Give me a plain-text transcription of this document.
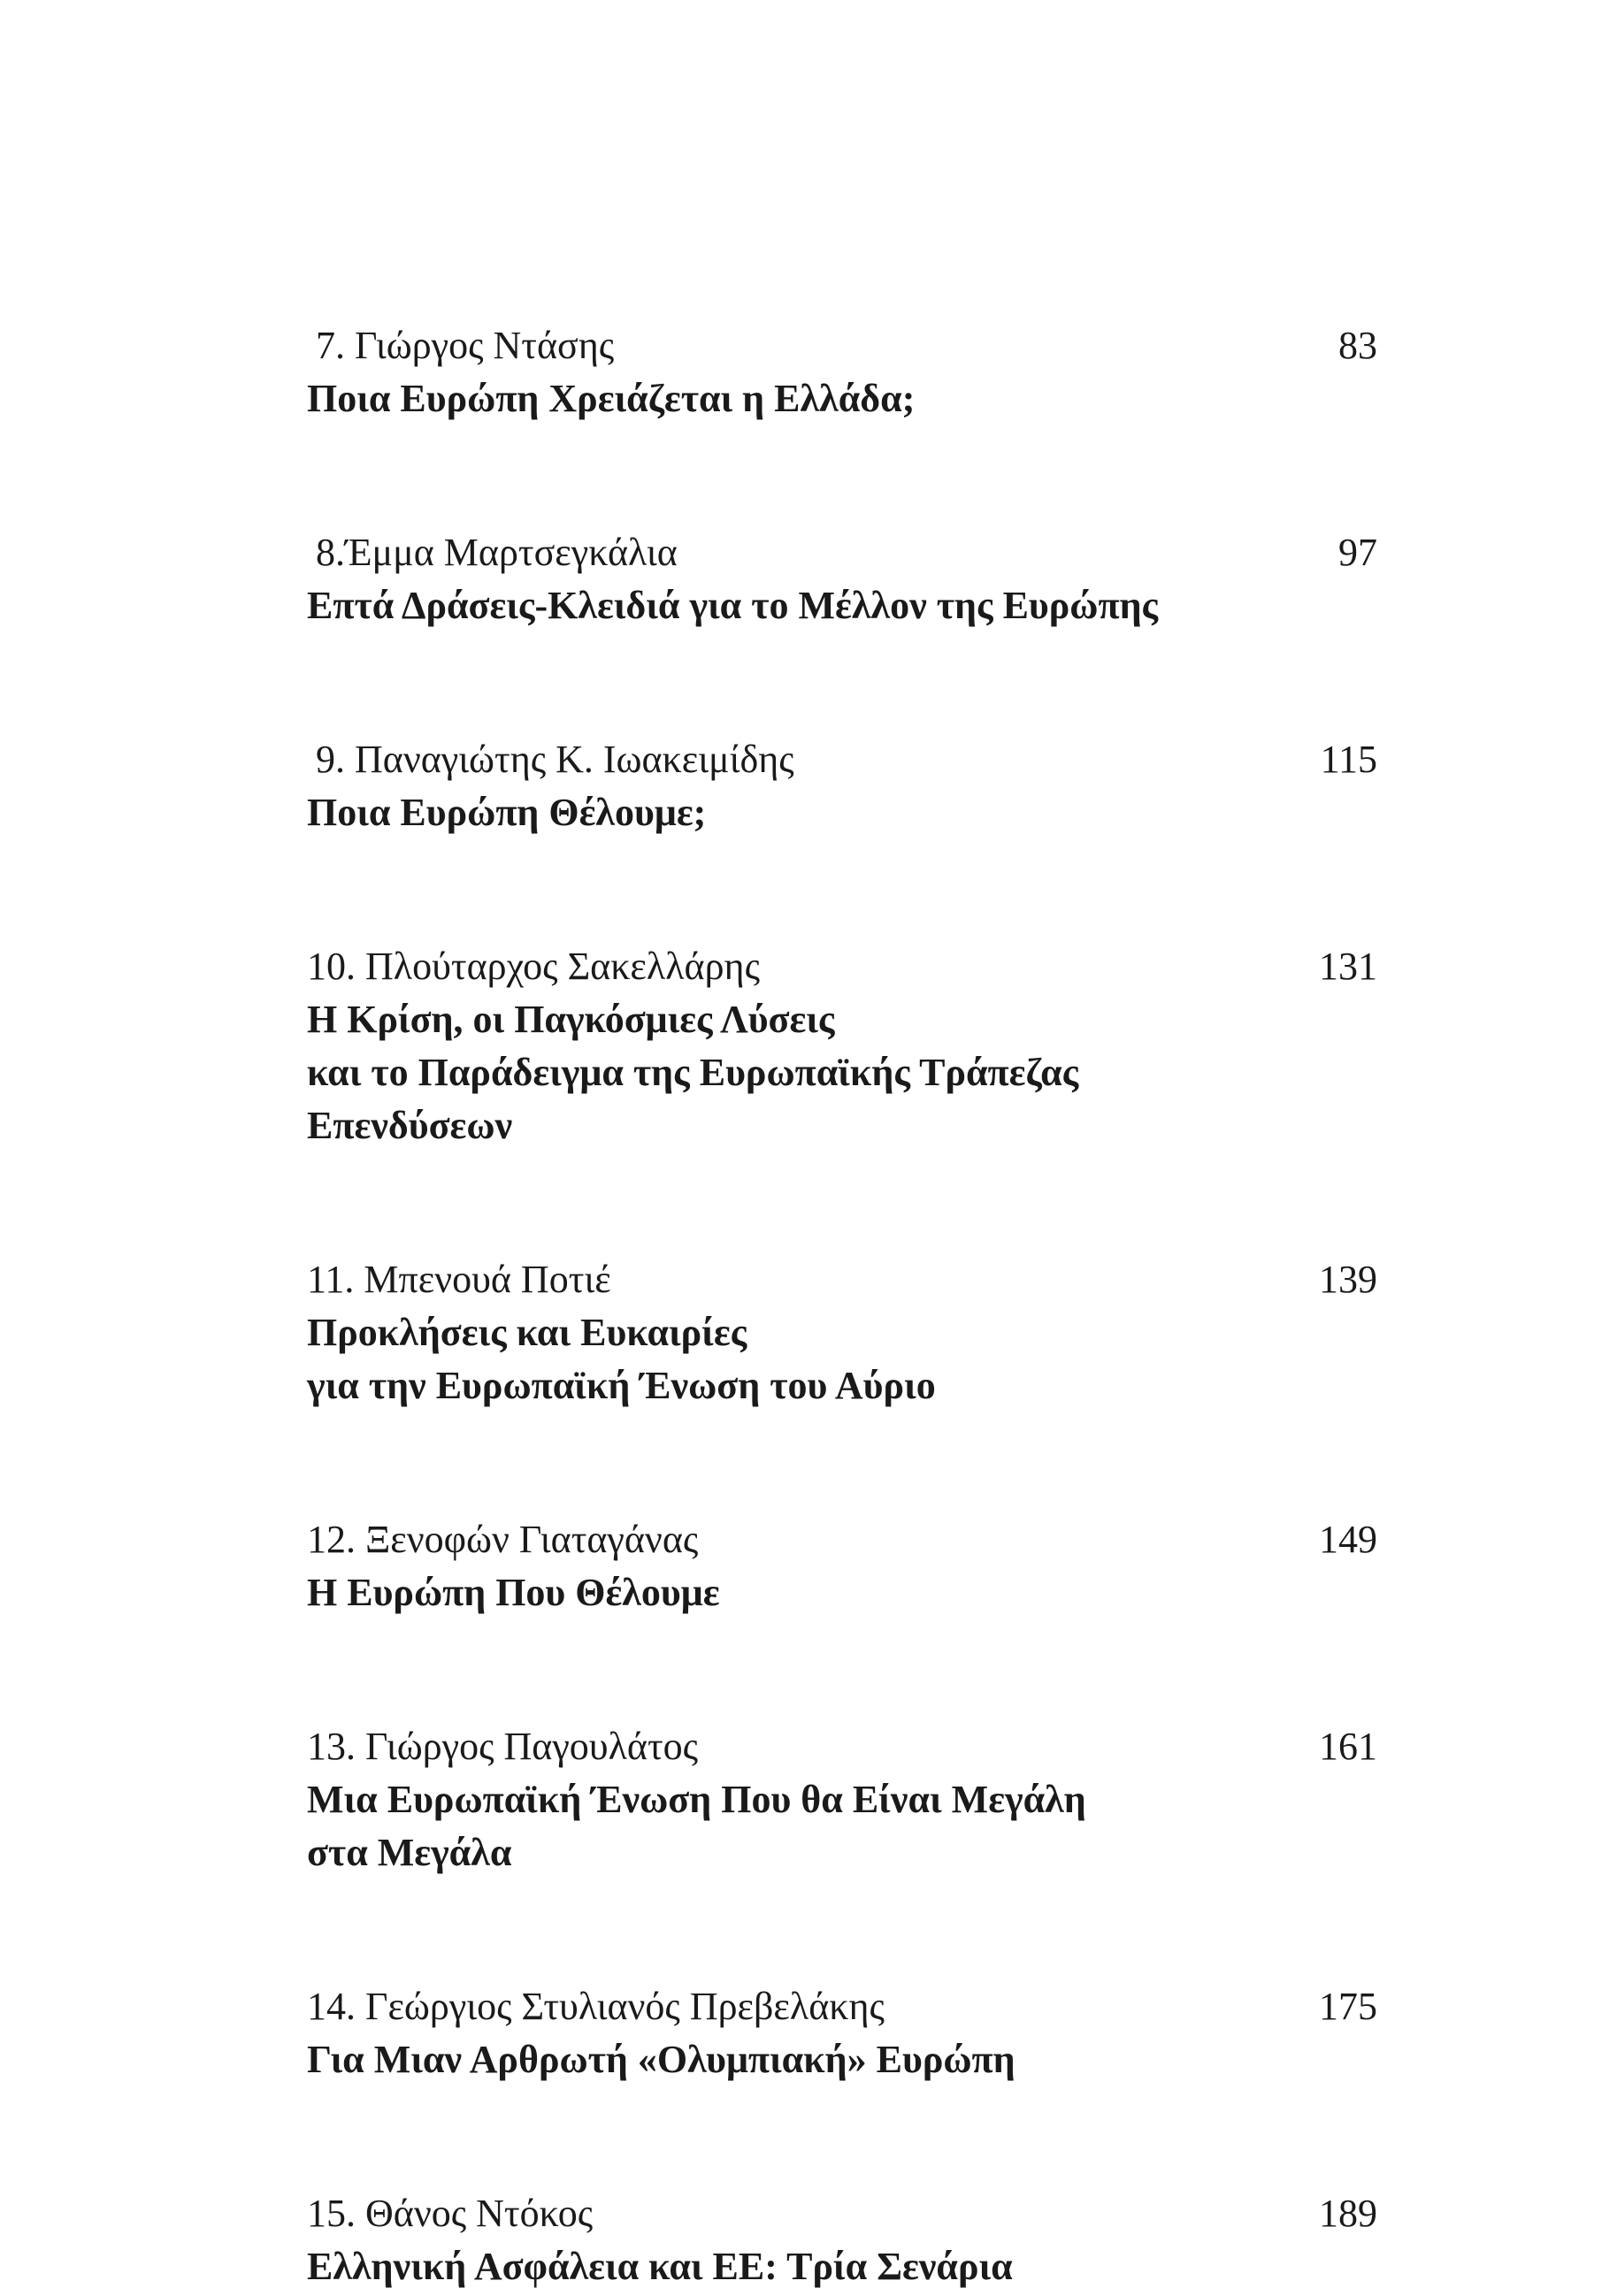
7. Γιώργος Ντάσης	83
Ποια Ευρώπη Χρειάζεται η Ελλάδα;
8.Έμμα Μαρτσεγκάλια	97
Επτά Δράσεις-Κλειδιά για το Μέλλον της Ευρώπης
9. Παναγιώτης Κ. Ιωακειμίδης	115
Ποια Ευρώπη Θέλουμε;
10. Πλούταρχος Σακελλάρης	131
Η Κρίση, οι Παγκόσμιες Λύσεις
και το Παράδειγμα της Ευρωπαϊκής Τράπεζας
Επενδύσεων
11. Μπενουά Ποτιέ	139
Προκλήσεις και Ευκαιρίες
για την Ευρωπαϊκή Ένωση του Αύριο
12. Ξενοφών Γιαταγάνας	149
Η Ευρώπη Που Θέλουμε
13. Γιώργος Παγουλάτος	161
Μια Ευρωπαϊκή Ένωση Που θα Είναι Μεγάλη
στα Μεγάλα
14. Γεώργιος Στυλιανός Πρεβελάκης	175
Για Μιαν Αρθρωτή «Ολυμπιακή» Ευρώπη
15. Θάνος Ντόκος	189
Ελληνική Ασφάλεια και ΕΕ: Τρία Σενάρια
